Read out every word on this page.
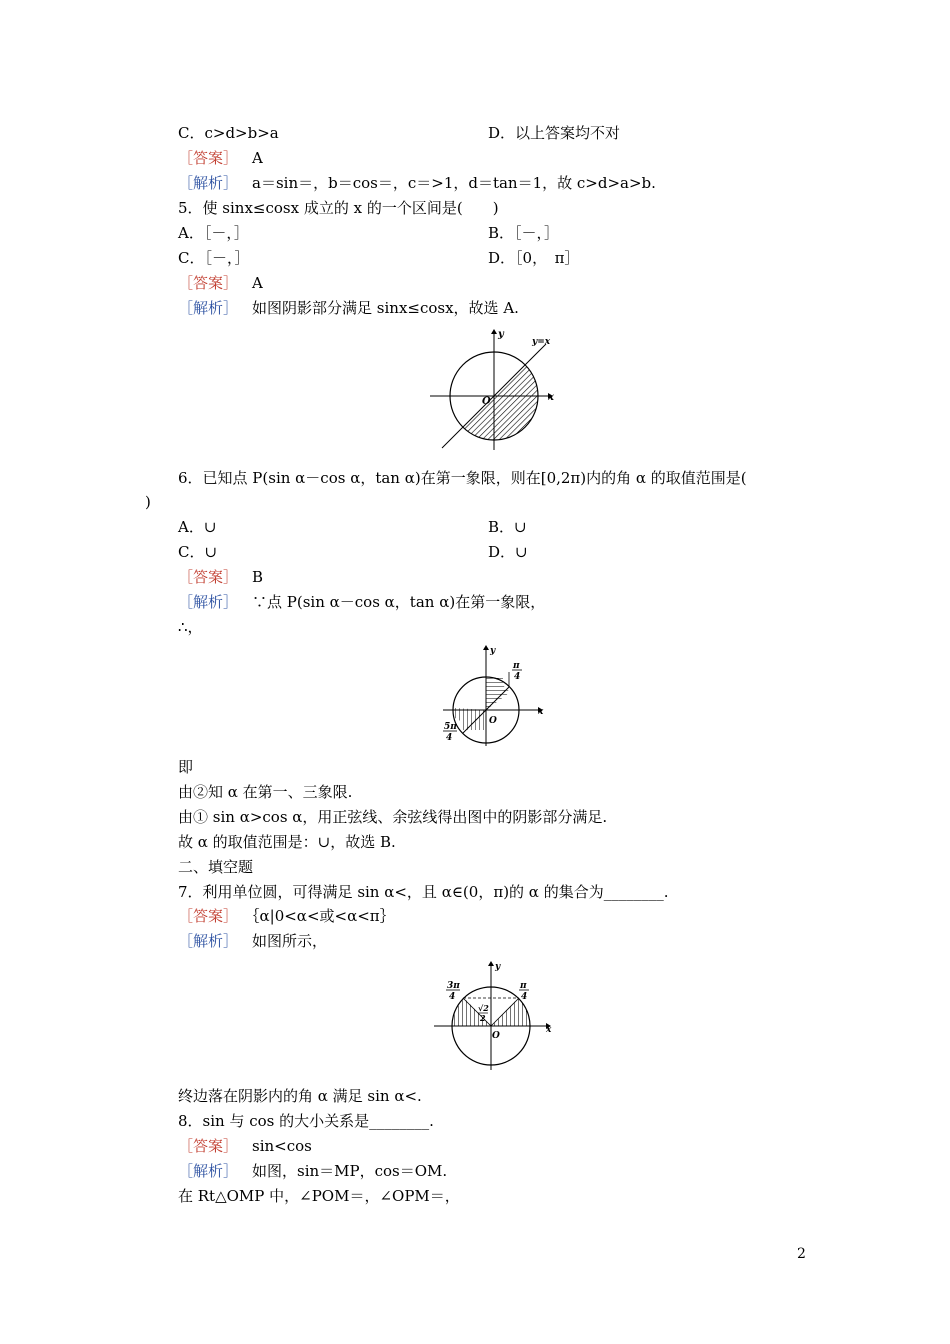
C．c>d>b>a	D．以上答案均不对
［答案］ A
［解析］ a＝sin＝，b＝cos＝，c＝>1，d＝tan＝1，故 c>d>a>b.
5．使 sinx≤cosx 成立的 x 的一个区间是(　　)
A．［－，］	B．［－，］
C．［－，］	D．［0，　π］
［答案］ A
［解析］ 如图阴影部分满足 sinx≤cosx，故选 A.
y
x
O
y=x
6．已知点 P(sin α－cos α，tan α)在第一象限，则在[0,2π)内的角 α 的取值范围是(
)
A．∪	B．∪
C．∪	D．∪
［答案］ B
［解析］ ∵点 P(sin α－cos α，tan α)在第一象限，
∴，
y
x
O
π
4
5π
4
即
由②知 α 在第一、三象限.
由① sin α>cos α，用正弦线、余弦线得出图中的阴影部分满足.
故 α 的取值范围是：∪，故选 B.
二、填空题
7．利用单位圆，可得满足 sin α<，且 α∈(0，π)的 α 的集合为________.
［答案］ ｛α|0<α<或<α<π｝
［解析］ 如图所示，
y
x
O
3π
4
π
4
√2
2
终边落在阴影内的角 α 满足 sin α<.
8．sin 与 cos 的大小关系是________.
［答案］ sin<cos
［解析］ 如图，sin＝MP，cos＝OM.
在 Rt△OMP 中，∠POM＝，∠OPM＝，
2
